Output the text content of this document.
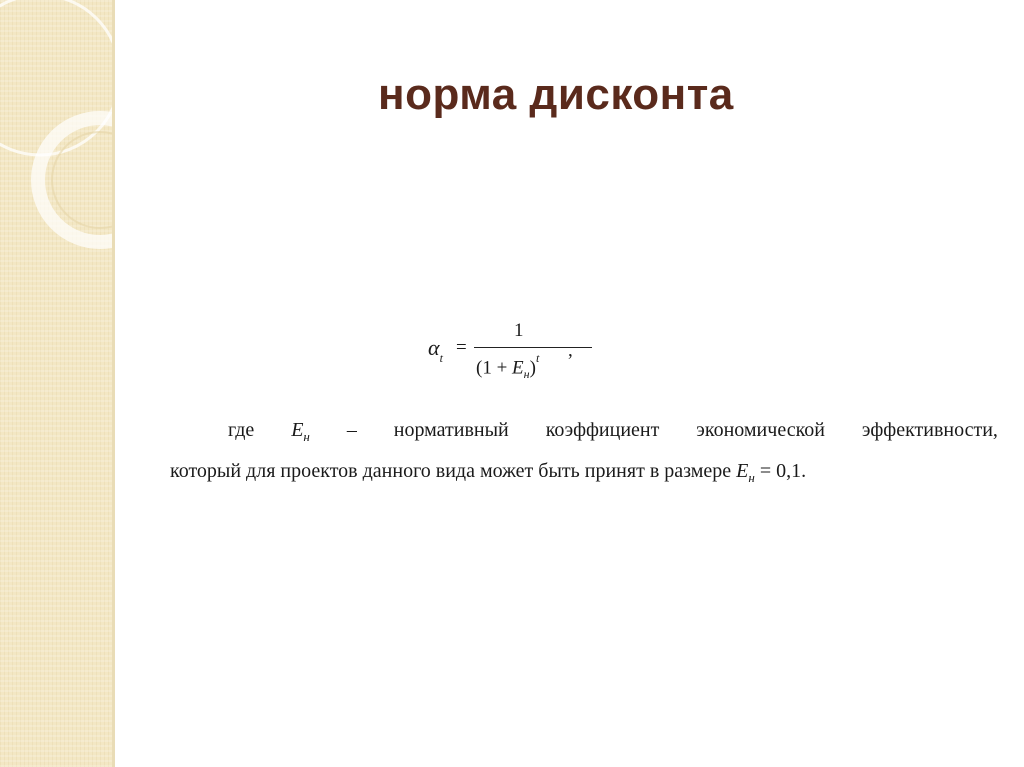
норма дисконта
$\alpha_t$
=
1
$(1 + E_н)^t$ ,
где $E_н$ – нормативный коэффициент экономической эффективности,
который для проектов данного вида может быть принят в размере $E_н = 0,1$.
